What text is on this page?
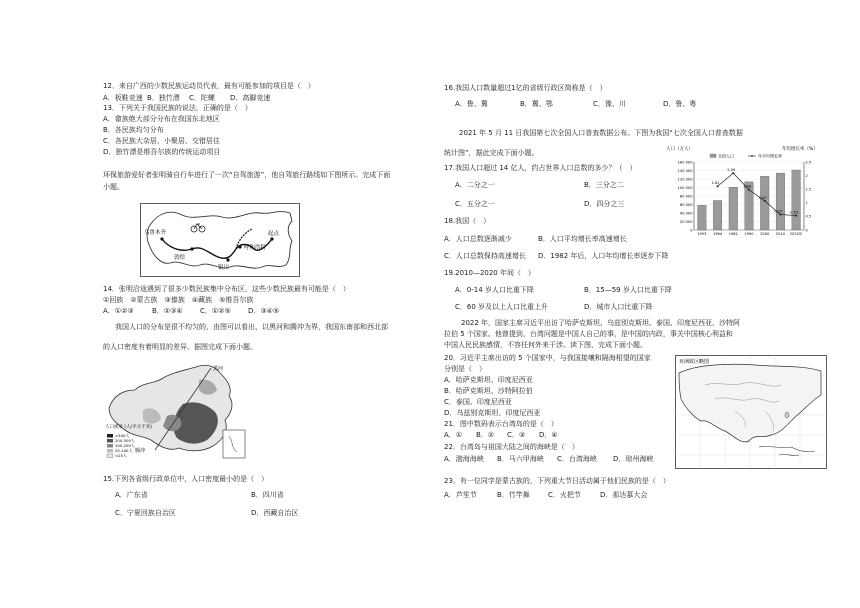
12．来自广西的少数民族运动员代表，最有可能参加的项目是（　）
A．板鞋竞速 B．独竹漂 C．陀螺 D．高脚竞速
13．下列关于我国民族的说法，正确的是（　）
A．畲族绝大部分分布在我国东北地区
B．各民族均匀分布
C．各民族大杂居、小聚居、交错居住
D．独竹漂是维吾尔族的传统运动项目
环保旅游爱好者张明骑自行车进行了一次“自驾旅游”，他自驾旅行路线如下图所示。完成下面
小题。
敦煌
银川
呼和浩特
起点
乌鲁木齐
14．张明沿途遇到了很多少数民族集中分布区，这些少数民族最有可能是（　）
①回族　②蒙古族　③傣族　④藏族　⑤维吾尔族
A．①②③	B．②③④ C．①②⑤ D．③④⑤
我国人口的分布是很不均匀的，由图可以看出，以黑河和腾冲为界，我国东南部和西北部
的人口密度有着明显的差异。据图完成下面小题。
黑河
腾冲
人口密度 (人/平方千米)
>500人
200-500人
100-200人
25-100人
<25人
15.下列各省级行政单位中，人口密度最小的是（　）
A．广东省	B．四川省
C．宁夏回族自治区	D．西藏自治区
16.我国人口数量超过1亿的省级行政区简称是（　）
A．鲁、冀	B．冀、鄂	C．豫、川	D．鲁、粤
2021 年 5 月 11 日我国第七次全国人口普查数据公布。下图为我国“七次全国人口普查数据
统计图”，据此完成下面小题。
17.我国人口超过 14 亿人，约占世界人口总数的多少？（　）
A．二分之一	B．三分之二
C．五分之一	D．四分之三
18.我国（　）
A．人口总数逐渐减少	B．人口平均增长率高速增长
C．人口总数保持高速增长 D．1982 年后，人口年均增长率逐步下降
19.2010—2020 年间（　）
A．0-14 岁人口比重下降	B．15—59 岁人口比重下降
C．60 岁及以上人口比重上升	D．城市人口比重下降
2022 年，国家主席习近平出访了哈萨克斯坦、乌兹别克斯坦、泰国、印度尼西亚、沙特阿
拉伯 5 个国家。他曾提到，台湾问题是中国人自己的事，是中国的内政，事关中国核心利益和
中国人民民族感情，不容任何外来干涉。读下图，完成下面小题。
20．习近平主席出访的 5 个国家中，与我国接壤和隔海相望的国家
分别是（　）
A．哈萨克斯坦、印度尼西亚
B．哈萨克斯坦、沙特阿拉伯
C．泰国、印度尼西亚
D．乌兹别克斯坦、印度尼西亚
21．图中数码表示台湾岛的是（　）
A．① B．② C．③ D．④
22．台湾岛与祖国大陆之间的海峡是（　）
A．渤海海峡 B．马六甲海峡 C．台湾海峡 D．琼州海峡
23．有一位同学是蒙古族的，下列重大节日活动属于他们民族的是（　）
A．芦笙节	B．竹竿舞	C．火把节	D．那达慕大会
人口（万人）	年均增长率（%）
全国人口	年平均增长率
160 000
140 000
120 000
100 000
80 000
60 000
40 000
20 000
0
2.5
2
1.5
1
0.5
0
1953 1964 1982 1990 2000 2010 2020年
1.61
2.09
1.48
1.07
0.57 0.53
亚洲政区略图
